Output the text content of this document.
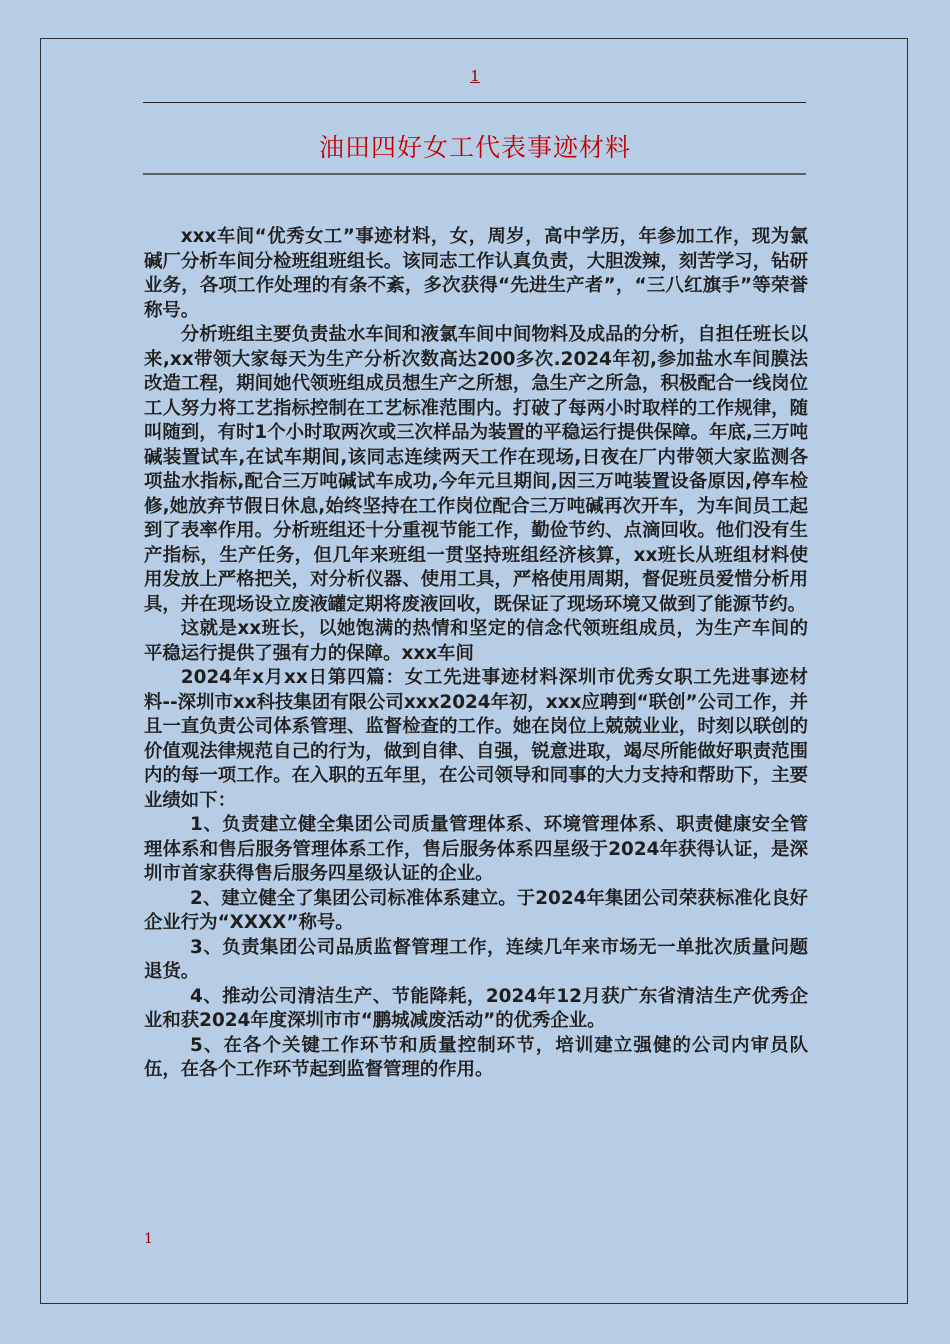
1
油田四好女工代表事迹材料

xxx车间“优秀女工”事迹材料，女，周岁，高中学历，年参加工作，现为氯碱厂分析车间分检班组班组长。该同志工作认真负责，大胆泼辣，刻苦学习，钻研业务，各项工作处理的有条不紊，多次获得“先进生产者”，“三八红旗手”等荣誉称号。

分析班组主要负责盐水车间和液氯车间中间物料及成品的分析，自担任班长以来,xx带领大家每天为生产分析次数高达200多次.2024年初,参加盐水车间膜法改造工程，期间她代领班组成员想生产之所想，急生产之所急，积极配合一线岗位工人努力将工艺指标控制在工艺标准范围内。打破了每两小时取样的工作规律，随叫随到，有时1个小时取两次或三次样品为装置的平稳运行提供保障。年底,三万吨碱装置试车,在试车期间,该同志连续两天工作在现场,日夜在厂内带领大家监测各项盐水指标,配合三万吨碱试车成功,今年元旦期间,因三万吨装置设备原因,停车检修,她放弃节假日休息,始终坚持在工作岗位配合三万吨碱再次开车，为车间员工起到了表率作用。分析班组还十分重视节能工作，勤俭节约、点滴回收。他们没有生产指标，生产任务，但几年来班组一贯坚持班组经济核算，xx班长从班组材料使用发放上严格把关，对分析仪器、使用工具，严格使用周期，督促班员爱惜分析用具，并在现场设立废液罐定期将废液回收，既保证了现场环境又做到了能源节约。

这就是xx班长，以她饱满的热情和坚定的信念代领班组成员，为生产车间的平稳运行提供了强有力的保障。xxx车间

2024年x月xx日第四篇：女工先进事迹材料深圳市优秀女职工先进事迹材料--深圳市xx科技集团有限公司xxx2024年初，xxx应聘到“联创”公司工作，并且一直负责公司体系管理、监督检查的工作。她在岗位上兢兢业业，时刻以联创的价值观法律规范自己的行为，做到自律、自强，锐意进取，竭尽所能做好职责范围内的每一项工作。在入职的五年里，在公司领导和同事的大力支持和帮助下，主要业绩如下：

1、负责建立健全集团公司质量管理体系、环境管理体系、职责健康安全管理体系和售后服务管理体系工作，售后服务体系四星级于2024年获得认证，是深圳市首家获得售后服务四星级认证的企业。

2、建立健全了集团公司标准体系建立。于2024年集团公司荣获标准化良好企业行为“XXXX”称号。

3、负责集团公司品质监督管理工作，连续几年来市场无一单批次质量问题退货。

4、推动公司清洁生产、节能降耗，2024年12月获广东省清洁生产优秀企业和获2024年度深圳市市“鹏城减废活动”的优秀企业。

5、在各个关键工作环节和质量控制环节，培训建立强健的公司内审员队伍，在各个工作环节起到监督管理的作用。

1
